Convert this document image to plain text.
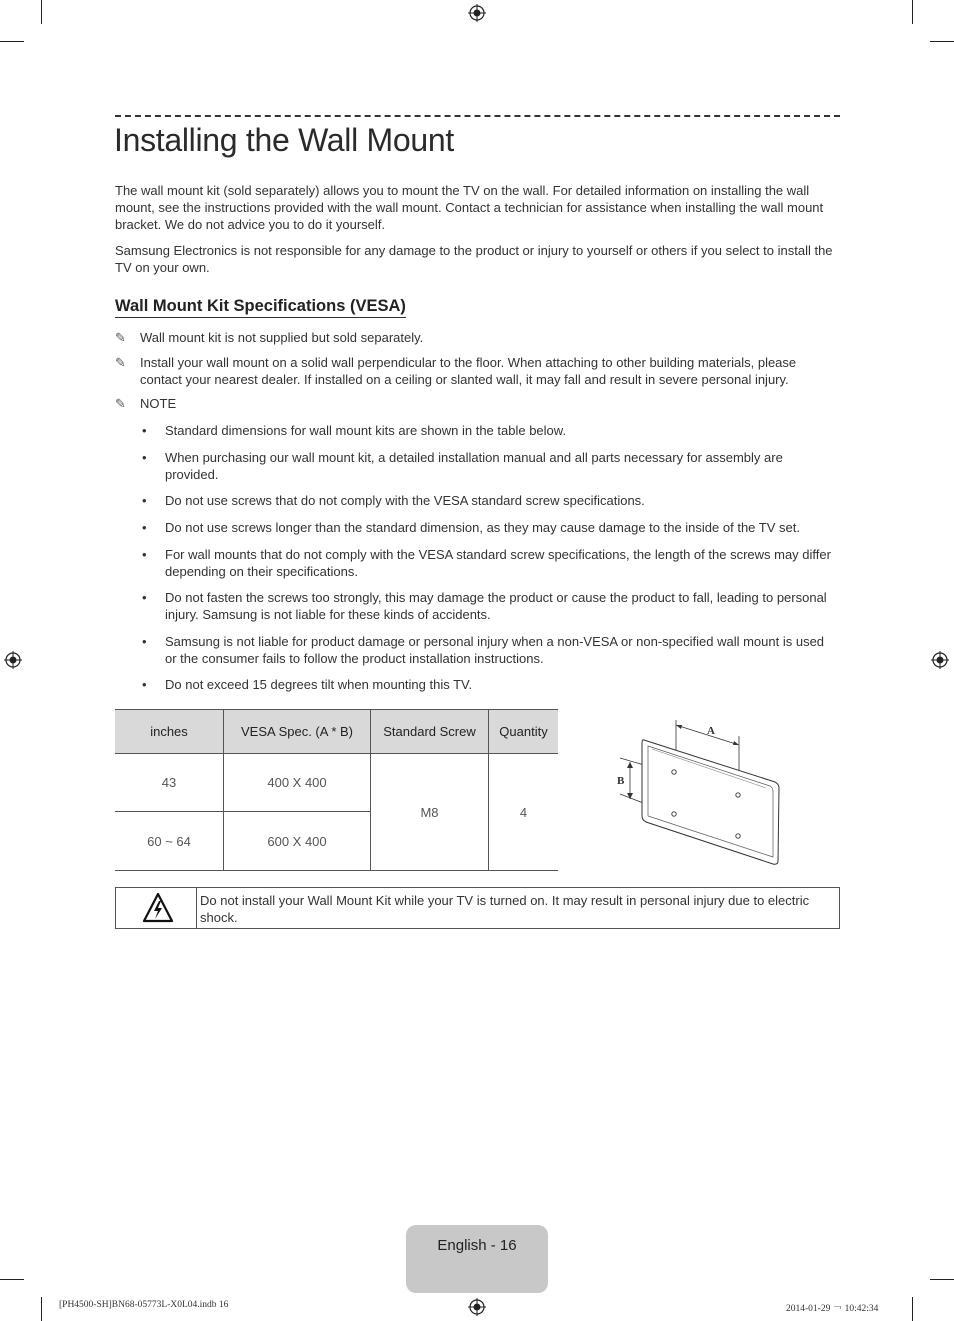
Installing the Wall Mount

The wall mount kit (sold separately) allows you to mount the TV on the wall. For detailed information on installing the wall mount, see the instructions provided with the wall mount. Contact a technician for assistance when installing the wall mount bracket. We do not advice you to do it yourself.

Samsung Electronics is not responsible for any damage to the product or injury to yourself or others if you select to install the TV on your own.

Wall Mount Kit Specifications (VESA)
✎	Wall mount kit is not supplied but sold separately.
✎	Install your wall mount on a solid wall perpendicular to the floor. When attaching to other building materials, please contact your nearest dealer. If installed on a ceiling or slanted wall, it may fall and result in severe personal injury.
✎	NOTE
• Standard dimensions for wall mount kits are shown in the table below.
• When purchasing our wall mount kit, a detailed installation manual and all parts necessary for assembly are provided.
• Do not use screws that do not comply with the VESA standard screw specifications.
• Do not use screws longer than the standard dimension, as they may cause damage to the inside of the TV set.
• For wall mounts that do not comply with the VESA standard screw specifications, the length of the screws may differ depending on their specifications.
• Do not fasten the screws too strongly, this may damage the product or cause the product to fall, leading to personal injury. Samsung is not liable for these kinds of accidents.
• Samsung is not liable for product damage or personal injury when a non-VESA or non-specified wall mount is used or the consumer fails to follow the product installation instructions.
• Do not exceed 15 degrees tilt when mounting this TV.
inches	VESA Spec. (A * B)	Standard Screw	Quantity
43	400 X 400	M8	4
60 ~ 64	600 X 400		
A
B
Do not install your Wall Mount Kit while your TV is turned on. It may result in personal injury due to electric shock.
English - 16
[PH4500-SH]BN68-05773L-X0L04.indb 16	2014-01-29 ￢ 10:42:34
